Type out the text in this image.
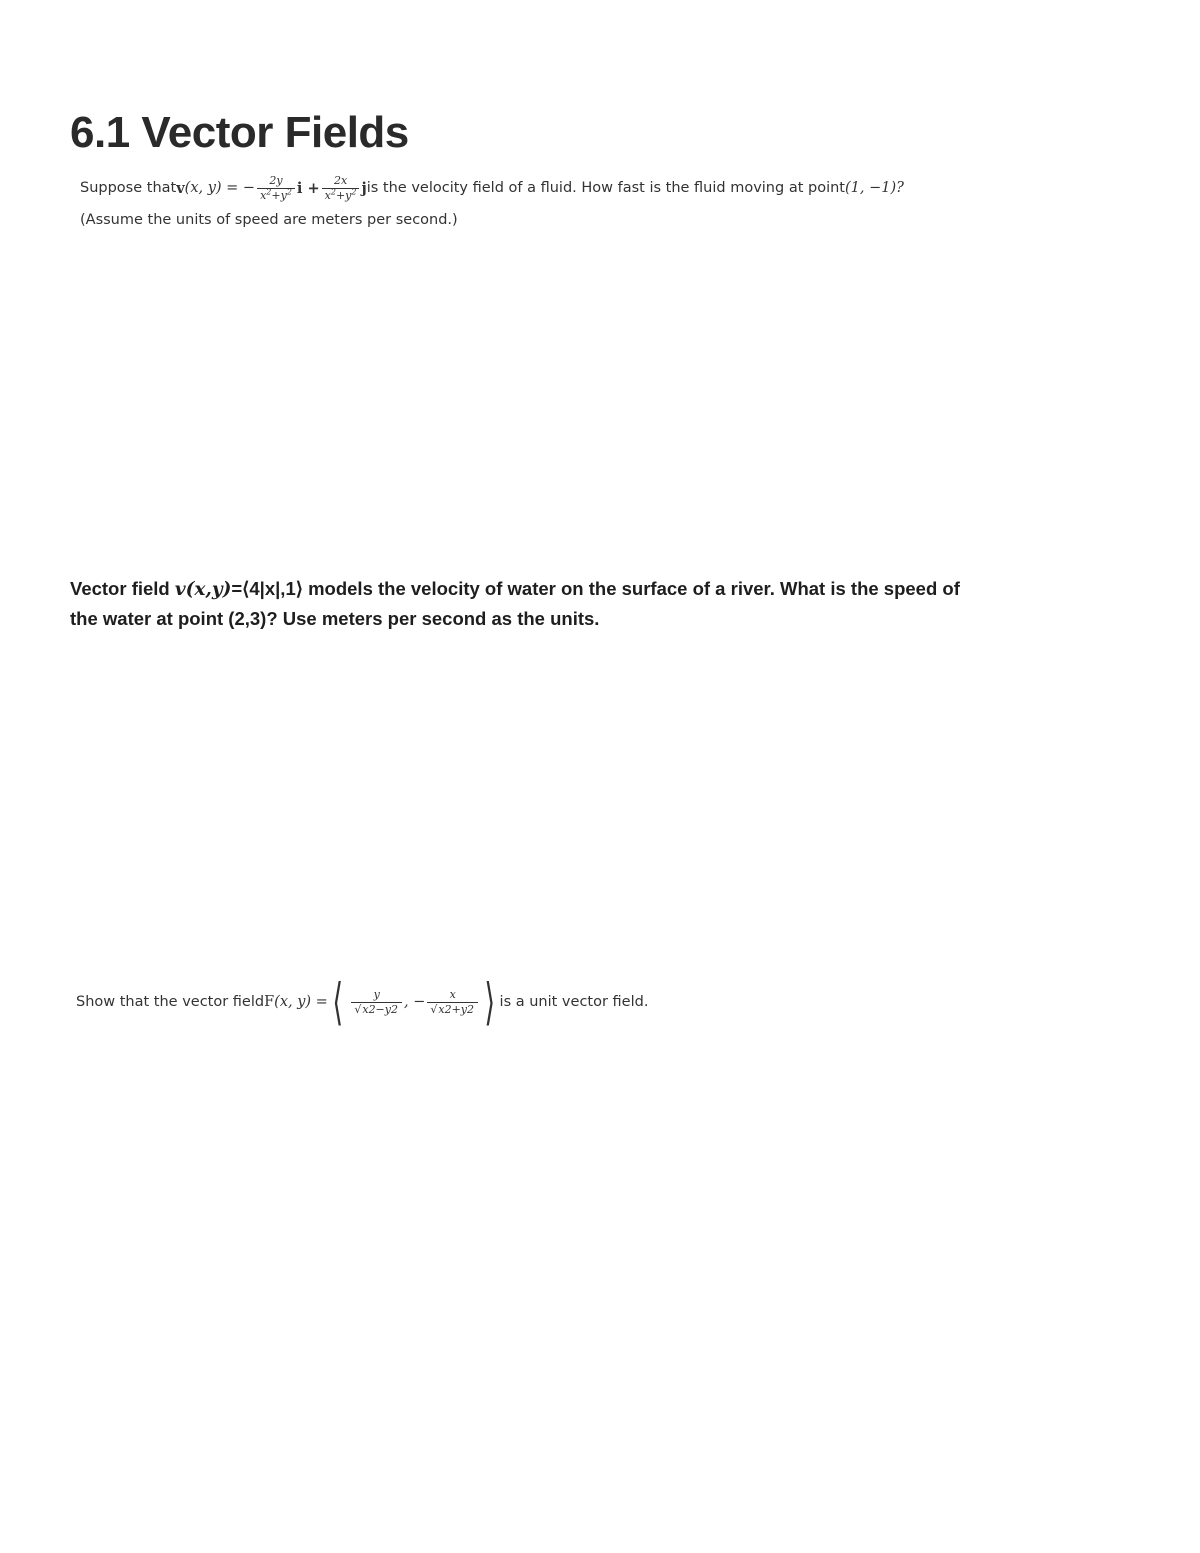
6.1 Vector Fields
Suppose that v (x, y) = − $\frac{2y}{x^2+y^2}$ $i + \frac{2x}{x^2+y^2}$ j is the velocity field of a fluid. How fast is the fluid moving at point (1, −1)?
(Assume the units of speed are meters per second.)
Vector field v(x,y)=⟨4|x|,1⟩ models the velocity of water on the surface of a river. What is the speed of
the water at point (2,3)? Use meters per second as the units.
Show that the vector field F (x, y) = ⟨ $\frac{y}{√x2-y2}$ , − $\frac{x}{√x2+y2}$ ⟩ is a unit vector field.
